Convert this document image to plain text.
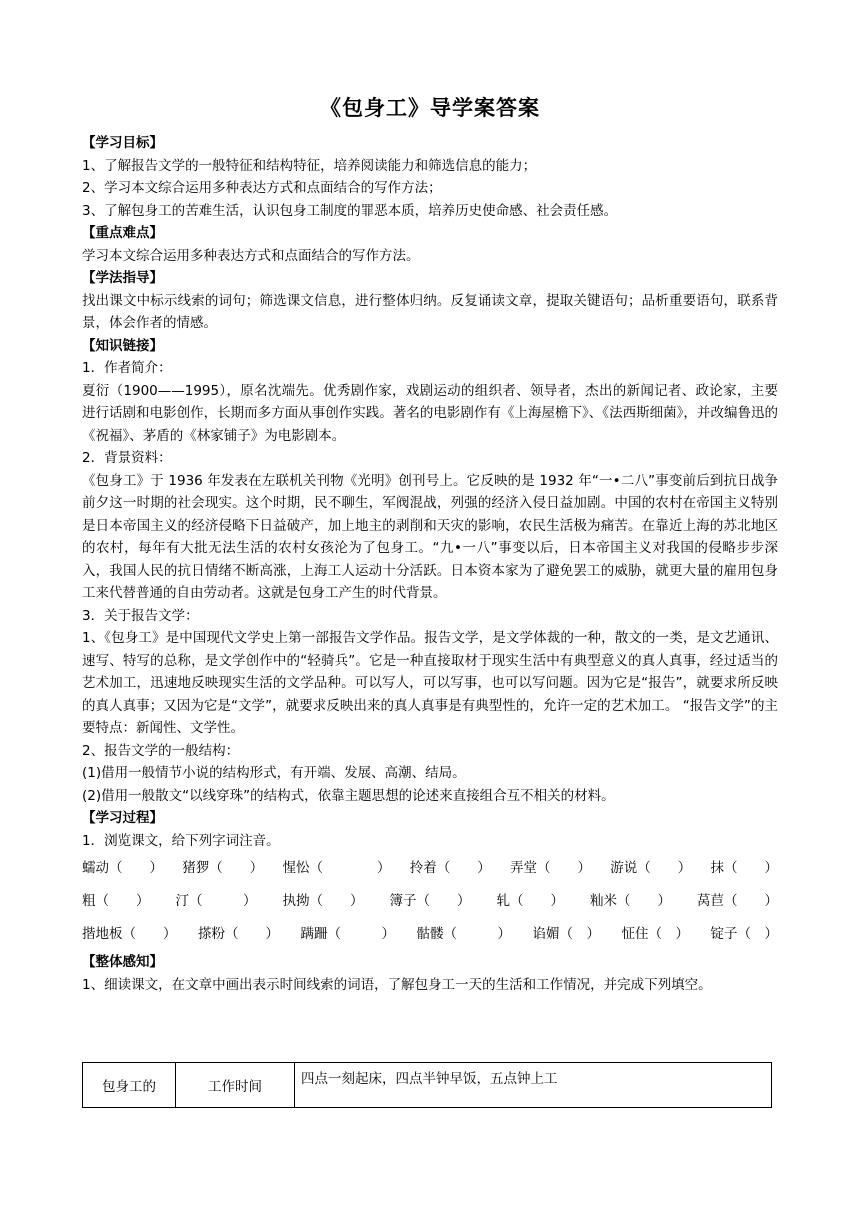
《包身工》导学案答案
【学习目标】
1、了解报告文学的一般特征和结构特征，培养阅读能力和筛选信息的能力；
2、学习本文综合运用多种表达方式和点面结合的写作方法；
3、了解包身工的苦难生活，认识包身工制度的罪恶本质，培养历史使命感、社会责任感。
【重点难点】
学习本文综合运用多种表达方式和点面结合的写作方法。
【学法指导】
找出课文中标示线索的词句；筛选课文信息，进行整体归纳。反复诵读文章，提取关键语句；品析重要语句，联系背景，体会作者的情感。
【知识链接】
1．作者简介：
夏衍（1900——1995），原名沈端先。优秀剧作家，戏剧运动的组织者、领导者，杰出的新闻记者、政论家，主要进行话剧和电影创作，长期而多方面从事创作实践。著名的电影剧作有《上海屋檐下》、《法西斯细菌》，并改编鲁迅的《祝福》、茅盾的《林家铺子》为电影剧本。
2．背景资料：
《包身工》于 1936 年发表在左联机关刊物《光明》创刊号上。它反映的是 1932 年“一•二八”事变前后到抗日战争前夕这一时期的社会现实。这个时期，民不聊生，军阀混战，列强的经济入侵日益加剧。中国的农村在帝国主义特别是日本帝国主义的经济侵略下日益破产，加上地主的剥削和天灾的影响，农民生活极为痛苦。在靠近上海的苏北地区的农村，每年有大批无法生活的农村女孩沦为了包身工。“九•一八”事变以后，日本帝国主义对我国的侵略步步深入，我国人民的抗日情绪不断高涨，上海工人运动十分活跃。日本资本家为了避免罢工的威胁，就更大量的雇用包身工来代替普通的自由劳动者。这就是包身工产生的时代背景。
3．关于报告文学：
1、《包身工》是中国现代文学史上第一部报告文学作品。报告文学，是文学体裁的一种，散文的一类，是文艺通讯、速写、特写的总称，是文学创作中的“轻骑兵”。它是一种直接取材于现实生活中有典型意义的真人真事，经过适当的艺术加工，迅速地反映现实生活的文学品种。可以写人，可以写事，也可以写问题。因为它是“报告”，就要求所反映的真人真事；又因为它是“文学”，就要求反映出来的真人真事是有典型性的，允许一定的艺术加工。 “报告文学”的主要特点：新闻性、文学性。
2、报告文学的一般结构：
(1)借用一般情节小说的结构形式，有开端、发展、高潮、结局。
(2)借用一般散文“以线穿珠”的结构式，依靠主题思想的论述来直接组合互不相关的材料。
【学习过程】
1．浏览课文，给下列字词注音。
蠕动（　　） 猪猡（　　） 惺忪（　　　　） 拎着（　　） 弄堂（　　） 游说（　　） 抹（　　）
粗（　　） 汀（　　　） 执拗（　　） 簿子（　　） 轧（　　） 籼米（　　） 莴苣（　　）
揩地板（　　） 搽粉（　　） 蹒跚（　　　） 骷髅（　　　） 谄媚（　） 怔住（　） 锭子（　）
【整体感知】
1、细读课文，在文章中画出表示时间线索的词语，了解包身工一天的生活和工作情况，并完成下列填空。
包身工的	工作时间	四点一刻起床，四点半钟早饭，五点钟上工
